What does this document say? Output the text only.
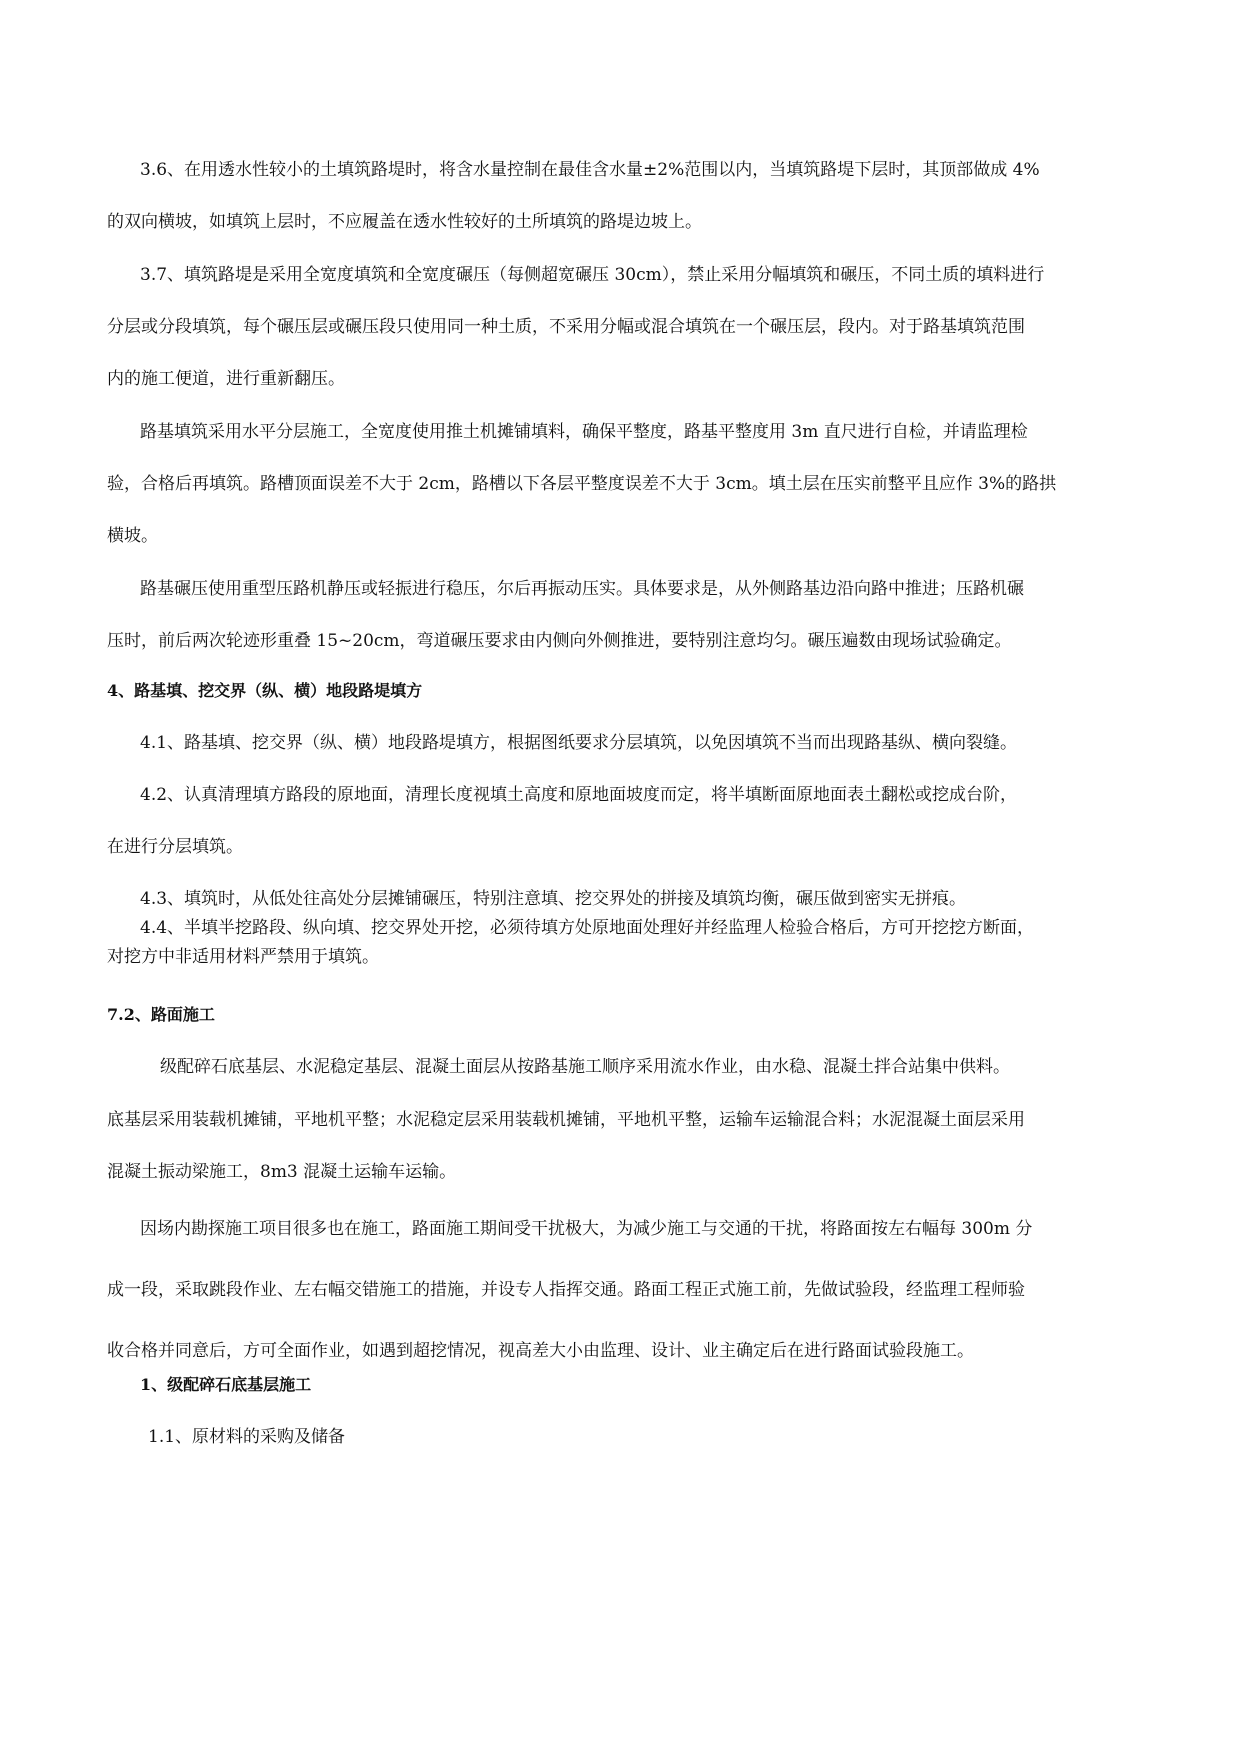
3.6、在用透水性较小的土填筑路堤时，将含水量控制在最佳含水量±2%范围以内，当填筑路堤下层时，其顶部做成 4%
的双向横坡，如填筑上层时，不应履盖在透水性较好的土所填筑的路堤边坡上。
3.7、填筑路堤是采用全宽度填筑和全宽度碾压（每侧超宽碾压 30cm），禁止采用分幅填筑和碾压，不同土质的填料进行
分层或分段填筑，每个碾压层或碾压段只使用同一种土质，不采用分幅或混合填筑在一个碾压层，段内。对于路基填筑范围
内的施工便道，进行重新翻压。
路基填筑采用水平分层施工，全宽度使用推土机摊铺填料，确保平整度，路基平整度用 3m 直尺进行自检，并请监理检
验，合格后再填筑。路槽顶面误差不大于 2cm，路槽以下各层平整度误差不大于 3cm。填土层在压实前整平且应作 3%的路拱
横坡。
路基碾压使用重型压路机静压或轻振进行稳压，尔后再振动压实。具体要求是，从外侧路基边沿向路中推进；压路机碾
压时，前后两次轮迹形重叠 15~20cm，弯道碾压要求由内侧向外侧推进，要特别注意均匀。碾压遍数由现场试验确定。
4、路基填、挖交界（纵、横）地段路堤填方
4.1、路基填、挖交界（纵、横）地段路堤填方，根据图纸要求分层填筑，以免因填筑不当而出现路基纵、横向裂缝。
4.2、认真清理填方路段的原地面，清理长度视填土高度和原地面坡度而定，将半填断面原地面表土翻松或挖成台阶，
在进行分层填筑。
4.3、填筑时，从低处往高处分层摊铺碾压，特别注意填、挖交界处的拼接及填筑均衡，碾压做到密实无拼痕。
4.4、半填半挖路段、纵向填、挖交界处开挖，必须待填方处原地面处理好并经监理人检验合格后，方可开挖挖方断面，
对挖方中非适用材料严禁用于填筑。
7.2、路面施工
级配碎石底基层、水泥稳定基层、混凝土面层从按路基施工顺序采用流水作业，由水稳、混凝土拌合站集中供料。
底基层采用装载机摊铺，平地机平整；水泥稳定层采用装载机摊铺，平地机平整，运输车运输混合料；水泥混凝土面层采用
混凝土振动梁施工，8m3 混凝土运输车运输。
因场内勘探施工项目很多也在施工，路面施工期间受干扰极大，为减少施工与交通的干扰，将路面按左右幅每 300m 分
成一段，采取跳段作业、左右幅交错施工的措施，并设专人指挥交通。路面工程正式施工前，先做试验段，经监理工程师验
收合格并同意后，方可全面作业，如遇到超挖情况，视高差大小由监理、设计、业主确定后在进行路面试验段施工。
1、级配碎石底基层施工
1.1、原材料的采购及储备
